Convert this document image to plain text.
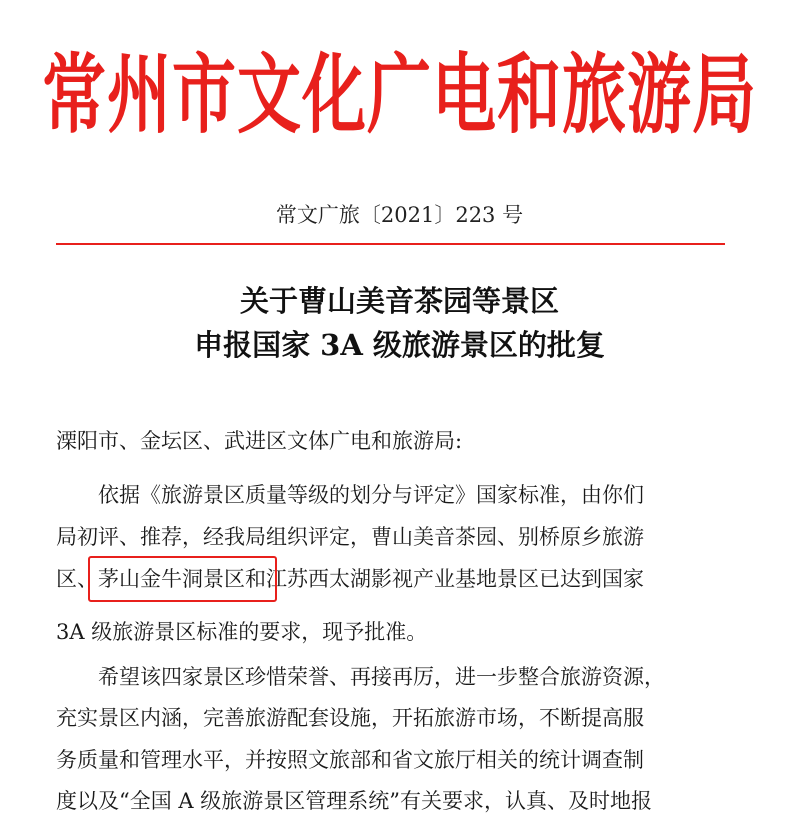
常州市文化广电和旅游局
常文广旅〔2021〕223 号
关于曹山美音茶园等景区
申报国家 3A 级旅游景区的批复
溧阳市、金坛区、武进区文体广电和旅游局:
依据《旅游景区质量等级的划分与评定》国家标准，由你们
局初评、推荐，经我局组织评定，曹山美音茶园、别桥原乡旅游
区、茅山金牛洞景区和江苏西太湖影视产业基地景区已达到国家
3A 级旅游景区标准的要求，现予批准。
希望该四家景区珍惜荣誉、再接再厉，进一步整合旅游资源，
充实景区内涵，完善旅游配套设施，开拓旅游市场，不断提高服
务质量和管理水平，并按照文旅部和省文旅厅相关的统计调查制
度以及“全国 A 级旅游景区管理系统”有关要求，认真、及时地报
